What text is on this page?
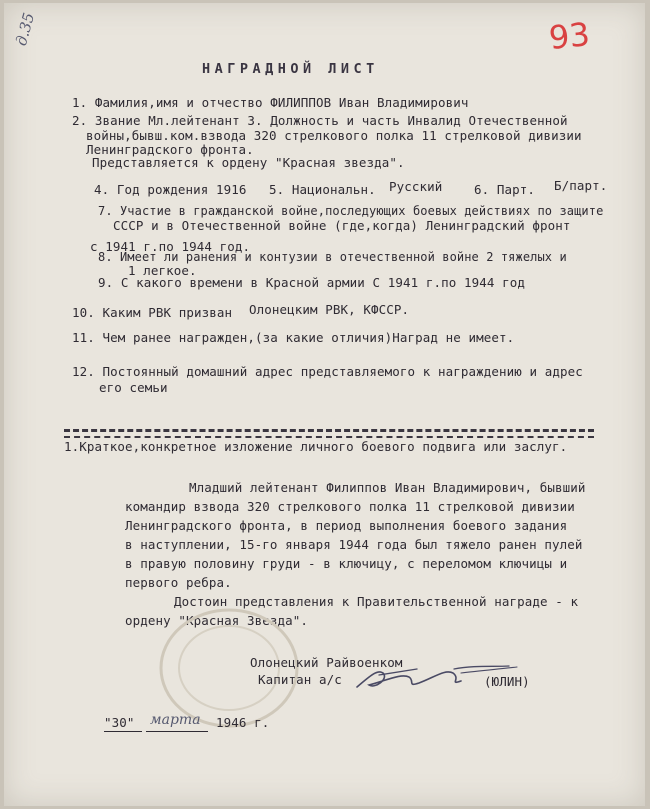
д.35	93
НАГРАДНОЙ ЛИСТ
1. Фамилия,имя и отчество ФИЛИППОВ Иван Владимирович
2. Звание Мл.лейтенант 3. Должность и часть Инвалид Отечественной
войны,бывш.ком.взвода 320 стрелкового полка 11 стрелковой дивизии
Ленинградского фронта.
Представляется к ордену "Красная звезда".
4. Год рождения 1916 5. Национальн. Русский	6. Парт. Б/парт.
7. Участие в гражданской войне,последующих боевых действиях по защите
СССР и в Отечественной войне (где,когда) Ленинградский фронт
с 1941 г.по 1944 год.
8. Имеет ли ранения и контузии в отечественной войне 2 тяжелых и
1 легкое.
9. С какого времени в Красной армии С 1941 г.по 1944 год
10. Каким РВК призван Олонецким РВК, КФССР.
11. Чем ранее награжден,(за какие отличия)Наград не имеет.
12. Постоянный домашний адрес представляемого к награждению и адрес
его семьи
1.Краткое,конкретное изложение личного боевого подвига или заслуг.
Младший лейтенант Филиппов Иван Владимирович, бывший
командир взвода 320 стрелкового полка 11 стрелковой дивизии
Ленинградского фронта, в период выполнения боевого задания
в наступлении, 15-го января 1944 года был тяжело ранен пулей
в правую половину груди - в ключицу, с переломом ключицы и
первого ребра.
Достоин представления к Правительственной награде - к
ордену "Красная Звезда".
Олонецкий Райвоенком
Капитан а/с	(ЮЛИН)
"30" марта 1946 г.
